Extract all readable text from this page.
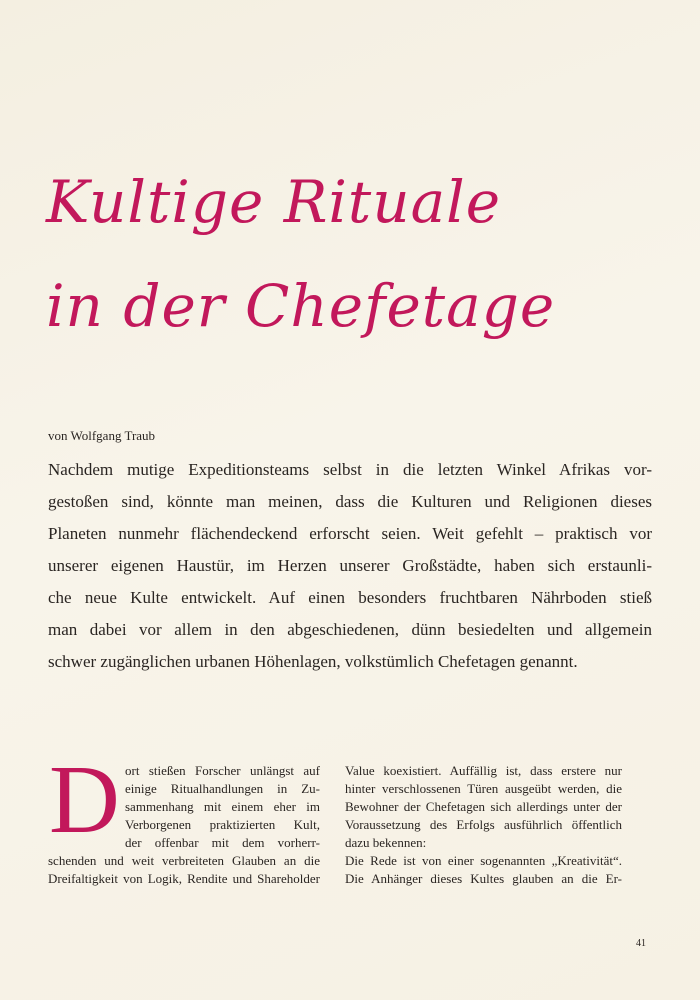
Kultige Rituale
in der Chefetage

von Wolfgang Traub

Nachdem mutige Expeditionsteams selbst in die letzten Winkel Afrikas vor-
gestoßen sind, könnte man meinen, dass die Kulturen und Religionen dieses
Planeten nunmehr flächendeckend erforscht seien. Weit gefehlt – praktisch vor
unserer eigenen Haustür, im Herzen unserer Großstädte, haben sich erstaunli-
che neue Kulte entwickelt. Auf einen besonders fruchtbaren Nährboden stieß
man dabei vor allem in den abgeschiedenen, dünn besiedelten und allgemein
schwer zugänglichen urbanen Höhenlagen, volkstümlich Chefetagen genannt.
D ort stießen Forscher unlängst auf
einige Ritualhandlungen in Zu-
sammenhang mit einem eher im
Verborgenen praktizierten Kult,
der offenbar mit dem vorherr-
schenden und weit verbreiteten Glauben an die
Dreifaltigkeit von Logik, Rendite und Shareholder
Value koexistiert. Auffällig ist, dass erstere nur
hinter verschlossenen Türen ausgeübt werden, die
Bewohner der Chefetagen sich allerdings unter der
Voraussetzung des Erfolgs ausführlich öffentlich
dazu bekennen:
Die Rede ist von einer sogenannten „Kreativität“.
Die Anhänger dieses Kultes glauben an die Er-
41
